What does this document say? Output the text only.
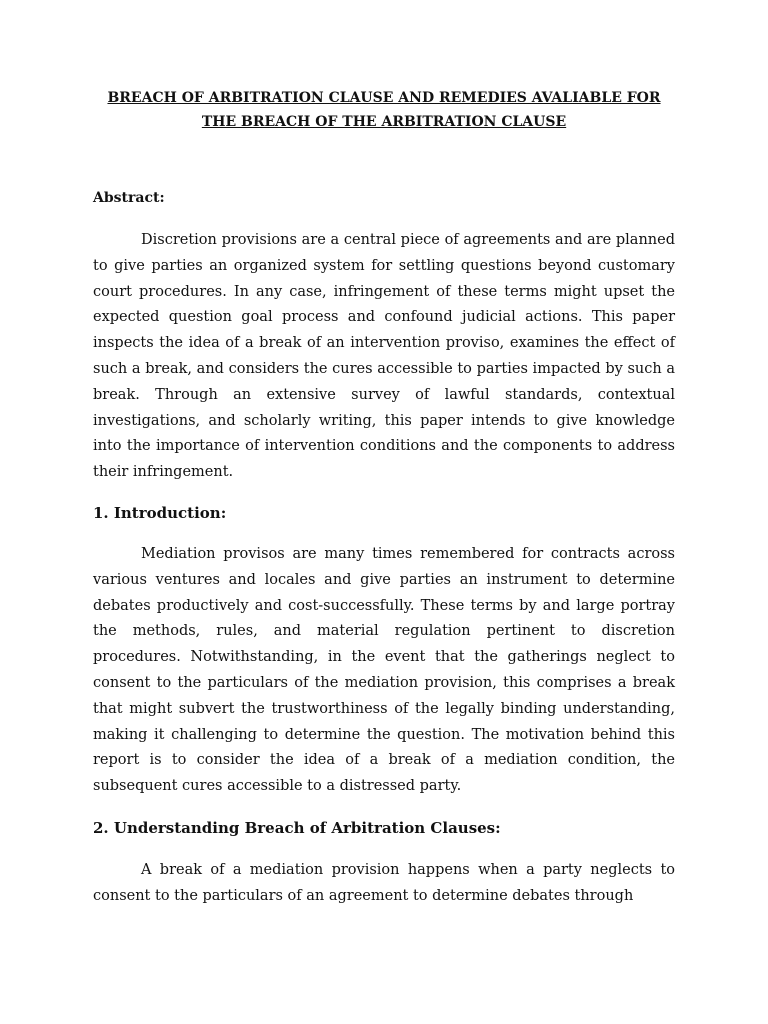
BREACH OF ARBITRATION CLAUSE AND REMEDIES AVALIABLE FOR

THE BREACH OF THE ARBITRATION CLAUSE

Abstract:

Discretion provisions are a central piece of agreements and are planned to give parties an organized system for settling questions beyond customary court procedures. In any case, infringement of these terms might upset the expected question goal process and confound judicial actions. This paper inspects the idea of a break of an intervention proviso, examines the effect of such a break, and considers the cures accessible to parties impacted by such a break. Through an extensive survey of lawful standards, contextual investigations, and scholarly writing, this paper intends to give knowledge into the importance of intervention conditions and the components to address their infringement.

1. Introduction:

Mediation provisos are many times remembered for contracts across various ventures and locales and give parties an instrument to determine debates productively and cost-successfully. These terms by and large portray the methods, rules, and material regulation pertinent to discretion procedures. Notwithstanding, in the event that the gatherings neglect to consent to the particulars of the mediation provision, this comprises a break that might subvert the trustworthiness of the legally binding understanding, making it challenging to determine the question. The motivation behind this report is to consider the idea of a break of a mediation condition, the subsequent cures accessible to a distressed party.

2. Understanding Breach of Arbitration Clauses:

A break of a mediation provision happens when a party neglects to consent to the particulars of an agreement to determine debates through
